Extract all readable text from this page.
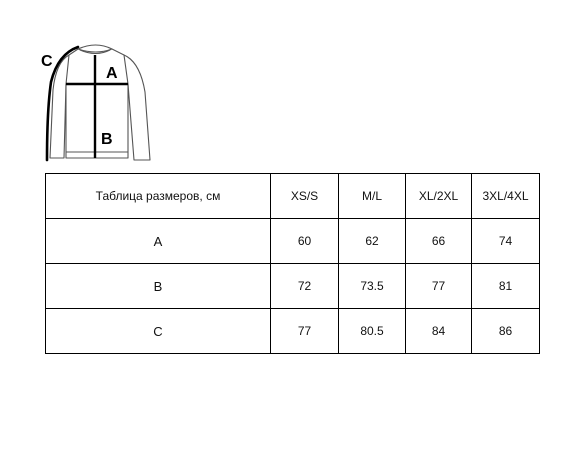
C
A
B
Таблица размеров, см	XS/S	M/L	XL/2XL	3XL/4XL
A	60	62	66	74
B	72	73.5	77	81
C	77	80.5	84	86
